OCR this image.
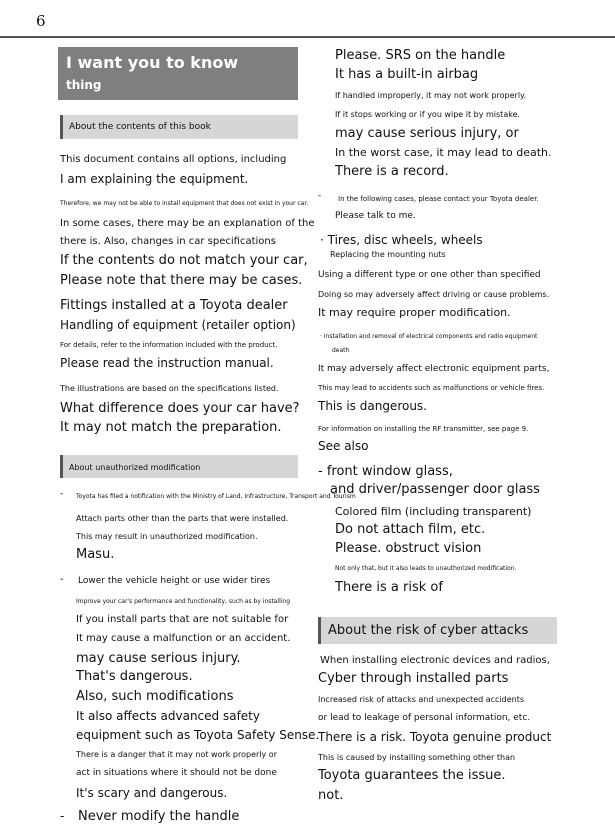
6
I want you to know
thing
About the contents of this book
This document contains all options, including
I am explaining the equipment.
Therefore, we may not be able to install equipment that does not exist in your car.
In some cases, there may be an explanation of the
there is. Also, changes in car specifications
If the contents do not match your car,
Please note that there may be cases.
Fittings installed at a Toyota dealer
Handling of equipment (retailer option)
For details, refer to the information included with the product.
Please read the instruction manual.
The illustrations are based on the specifications listed.
What difference does your car have?
It may not match the preparation.
About unauthorized modification
- Toyota has filed a notification with the Ministry of Land, Infrastructure, Transport and Tourism
Attach parts other than the parts that were installed.
This may result in unauthorized modification.
Masu.
- Lower the vehicle height or use wider tires
Improve your car's performance and functionality, such as by installing
If you install parts that are not suitable for
It may cause a malfunction or an accident.
may cause serious injury.
That's dangerous.
Also, such modifications
It also affects advanced safety
equipment such as Toyota Safety Sense.
There is a danger that it may not work properly or
act in situations where it should not be done
It's scary and dangerous.
- Never modify the handle
Please. SRS on the handle
It has a built-in airbag
If handled improperly, it may not work properly.
If it stops working or if you wipe it by mistake.
may cause serious injury, or
In the worst case, it may lead to death.
There is a record.
- In the following cases, please contact your Toyota dealer.
Please talk to me.
· Tires, disc wheels, wheels
Replacing the mounting nuts
Using a different type or one other than specified
Doing so may adversely affect driving or cause problems.
It may require proper modification.
· Installation and removal of electrical components and radio equipment
death
It may adversely affect electronic equipment parts,
This may lead to accidents such as malfunctions or vehicle fires.
This is dangerous.
For information on installing the RF transmitter, see page 9.
See also
- front window glass,
and driver/passenger door glass
Colored film (including transparent)
Do not attach film, etc.
Please. obstruct vision
Not only that, but it also leads to unauthorized modification.
There is a risk of
About the risk of cyber attacks
When installing electronic devices and radios,
Cyber through installed parts
Increased risk of attacks and unexpected accidents
or lead to leakage of personal information, etc.
There is a risk. Toyota genuine product
This is caused by installing something other than
Toyota guarantees the issue.
not.
